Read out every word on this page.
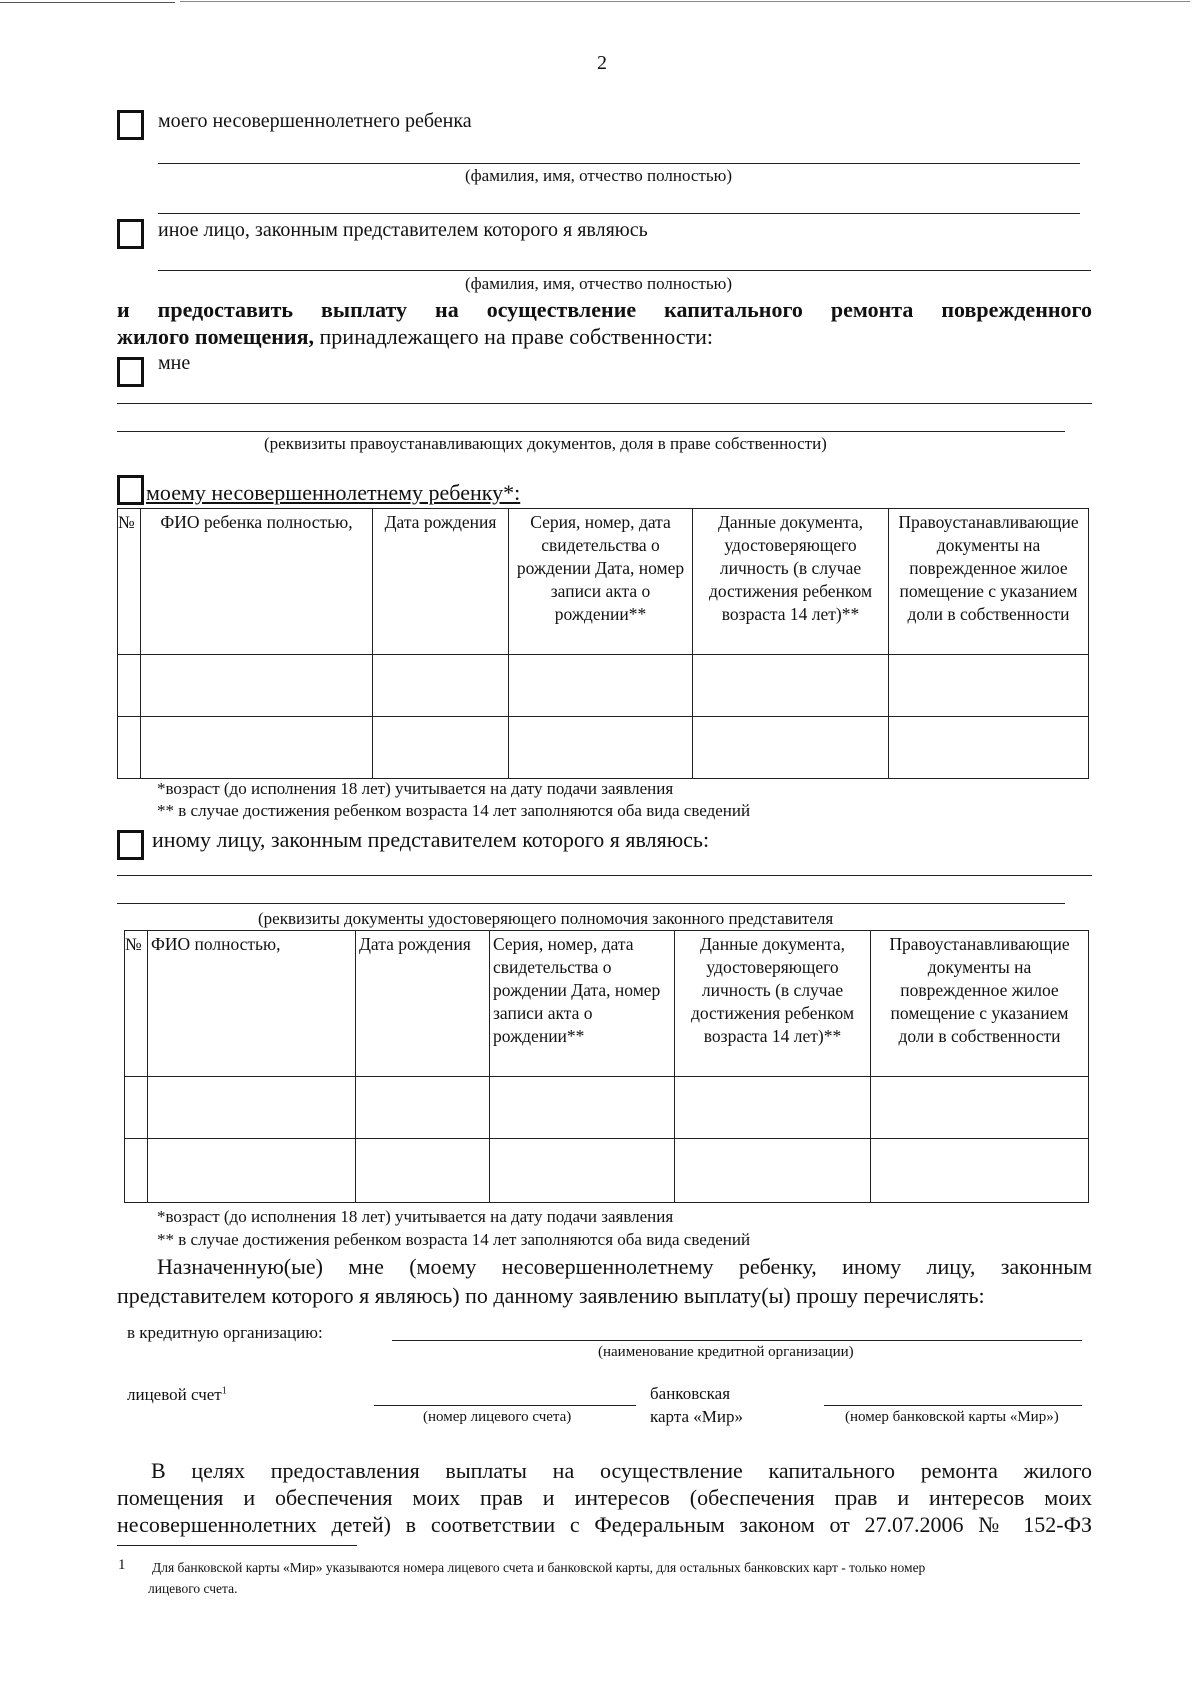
2
моего несовершеннолетнего ребенка
(фамилия, имя, отчество полностью)
иное лицо, законным представителем которого я являюсь
(фамилия, имя, отчество полностью)
и предоставить выплату на осуществление капитального ремонта поврежденного
жилого помещения, принадлежащего на праве собственности:
мне
(реквизиты правоустанавливающих документов, доля в праве собственности)
моему несовершеннолетнему ребенку*:
№	ФИО ребенка полностью,	Дата рождения	Серия, номер, дата свидетельства о рождении Дата, номер записи акта о рождении**	Данные документа, удостоверяющего личность (в случае достижения ребенком возраста 14 лет)**	Правоустанавливающие документы на поврежденное жилое помещение с указанием доли в собственности

*возраст (до исполнения 18 лет) учитывается на дату подачи заявления
** в случае достижения ребенком возраста 14 лет заполняются оба вида сведений
иному лицу, законным представителем которого я являюсь:
(реквизиты документы удостоверяющего полномочия законного представителя
№	ФИО полностью,	Дата рождения	Серия, номер, дата свидетельства о рождении Дата, номер записи акта о рождении**	Данные документа, удостоверяющего личность (в случае достижения ребенком возраста 14 лет)**	Правоустанавливающие документы на поврежденное жилое помещение с указанием доли в собственности

*возраст (до исполнения 18 лет) учитывается на дату подачи заявления
** в случае достижения ребенком возраста 14 лет заполняются оба вида сведений
Назначенную(ые) мне (моему несовершеннолетнему ребенку, иному лицу, законным
представителем которого я являюсь) по данному заявлению выплату(ы) прошу перечислять:
в кредитную организацию:
(наименование кредитной организации)
лицевой счет$^1$
(номер лицевого счета)
банковская
карта «Мир»	(номер банковской карты «Мир»)
В целях предоставления выплаты на осуществление капитального ремонта жилого
помещения и обеспечения моих прав и интересов (обеспечения прав и интересов моих
несовершеннолетних детей) в соответствии с Федеральным законом от 27.07.2006 № 152-ФЗ
1 Для банковской карты «Мир» указываются номера лицевого счета и банковской карты, для остальных банковских карт - только номер
лицевого счета.
